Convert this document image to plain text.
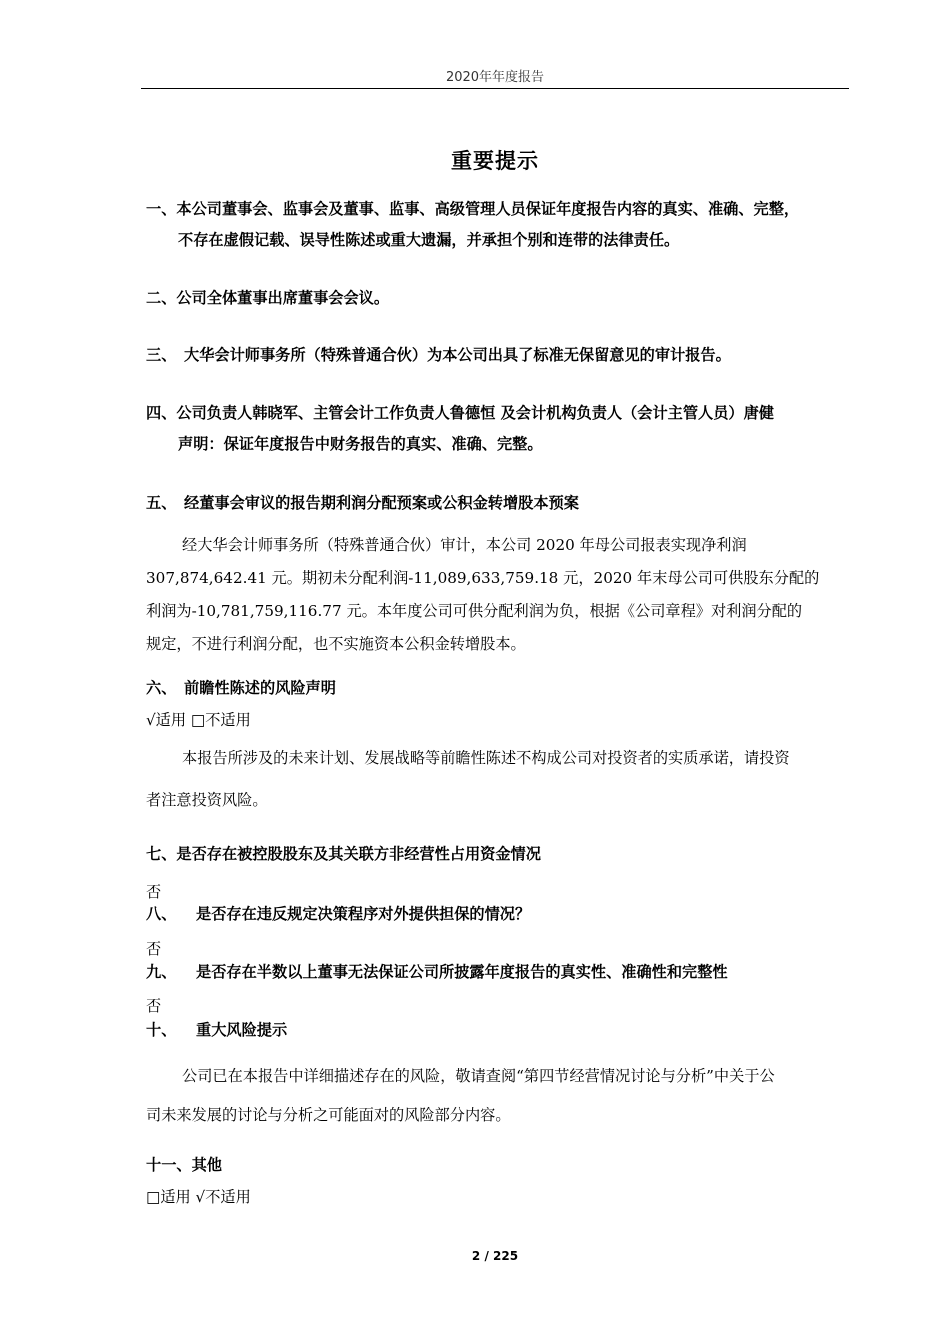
2020年年度报告
重要提示
一、本公司董事会、监事会及董事、监事、高级管理人员保证年度报告内容的真实、准确、完整，
不存在虚假记载、误导性陈述或重大遗漏，并承担个别和连带的法律责任。
二、公司全体董事出席董事会会议。
三、 大华会计师事务所（特殊普通合伙）为本公司出具了标准无保留意见的审计报告。
四、公司负责人韩晓军、主管会计工作负责人鲁德恒 及会计机构负责人（会计主管人员）唐健
声明：保证年度报告中财务报告的真实、准确、完整。
五、 经董事会审议的报告期利润分配预案或公积金转增股本预案
经大华会计师事务所（特殊普通合伙）审计，本公司 2020 年母公司报表实现净利润
307,874,642.41 元。期初未分配利润-11,089,633,759.18 元，2020 年末母公司可供股东分配的
利润为-10,781,759,116.77 元。本年度公司可供分配利润为负，根据《公司章程》对利润分配的
规定，不进行利润分配，也不实施资本公积金转增股本。
六、 前瞻性陈述的风险声明
√适用 □不适用
本报告所涉及的未来计划、发展战略等前瞻性陈述不构成公司对投资者的实质承诺，请投资
者注意投资风险。
七、是否存在被控股股东及其关联方非经营性占用资金情况
否
八、 是否存在违反规定决策程序对外提供担保的情况？
否
九、 是否存在半数以上董事无法保证公司所披露年度报告的真实性、准确性和完整性
否
十、 重大风险提示
公司已在本报告中详细描述存在的风险，敬请查阅“第四节经营情况讨论与分析”中关于公
司未来发展的讨论与分析之可能面对的风险部分内容。
十一、其他
□适用 √不适用
2 / 225
